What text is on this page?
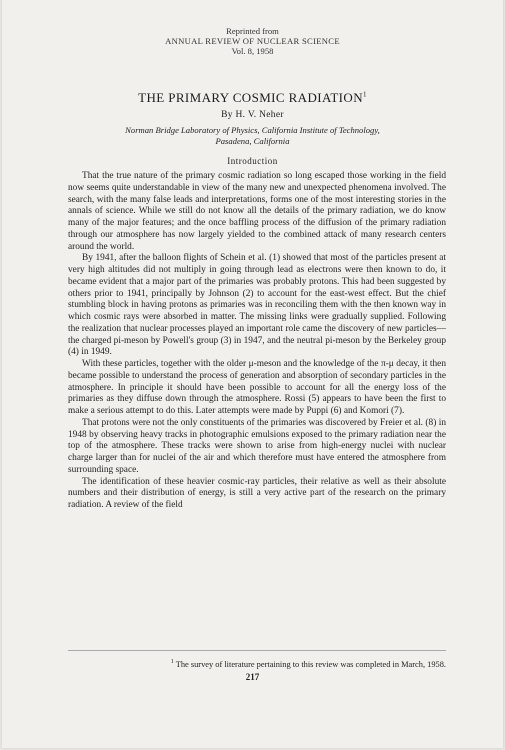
Reprinted from
ANNUAL REVIEW OF NUCLEAR SCIENCE
Vol. 8, 1958
THE PRIMARY COSMIC RADIATION$^1$
By H. V. Neher
Norman Bridge Laboratory of Physics, California Institute of Technology,
Pasadena, California
Introduction

That the true nature of the primary cosmic radiation so long escaped those working in the field now seems quite understandable in view of the many new and unexpected phenomena involved. The search, with the many false leads and interpretations, forms one of the most interesting stories in the annals of science. While we still do not know all the details of the primary radiation, we do know many of the major features; and the once baffling process of the diffusion of the primary radiation through our atmosphere has now largely yielded to the combined attack of many research centers around the world.

By 1941, after the balloon flights of Schein et al. (1) showed that most of the particles present at very high altitudes did not multiply in going through lead as electrons were then known to do, it became evident that a major part of the primaries was probably protons. This had been suggested by others prior to 1941, principally by Johnson (2) to account for the east-west effect. But the chief stumbling block in having protons as primaries was in reconciling them with the then known way in which cosmic rays were absorbed in matter. The missing links were gradually supplied. Following the realization that nuclear processes played an important role came the discovery of new particles—the charged pi-meson by Powell's group (3) in 1947, and the neutral pi-meson by the Berkeley group (4) in 1949.

With these particles, together with the older μ-meson and the knowledge of the π-μ decay, it then became possible to understand the process of generation and absorption of secondary particles in the atmosphere. In principle it should have been possible to account for all the energy loss of the primaries as they diffuse down through the atmosphere. Rossi (5) appears to have been the first to make a serious attempt to do this. Later attempts were made by Puppi (6) and Komori (7).

That protons were not the only constituents of the primaries was discovered by Freier et al. (8) in 1948 by observing heavy tracks in photographic emulsions exposed to the primary radiation near the top of the atmosphere. These tracks were shown to arise from high-energy nuclei with nuclear charge larger than for nuclei of the air and which therefore must have entered the atmosphere from surrounding space.

The identification of these heavier cosmic-ray particles, their relative as well as their absolute numbers and their distribution of energy, is still a very active part of the research on the primary radiation. A review of the field

$^1$ The survey of literature pertaining to this review was completed in March, 1958.
217
